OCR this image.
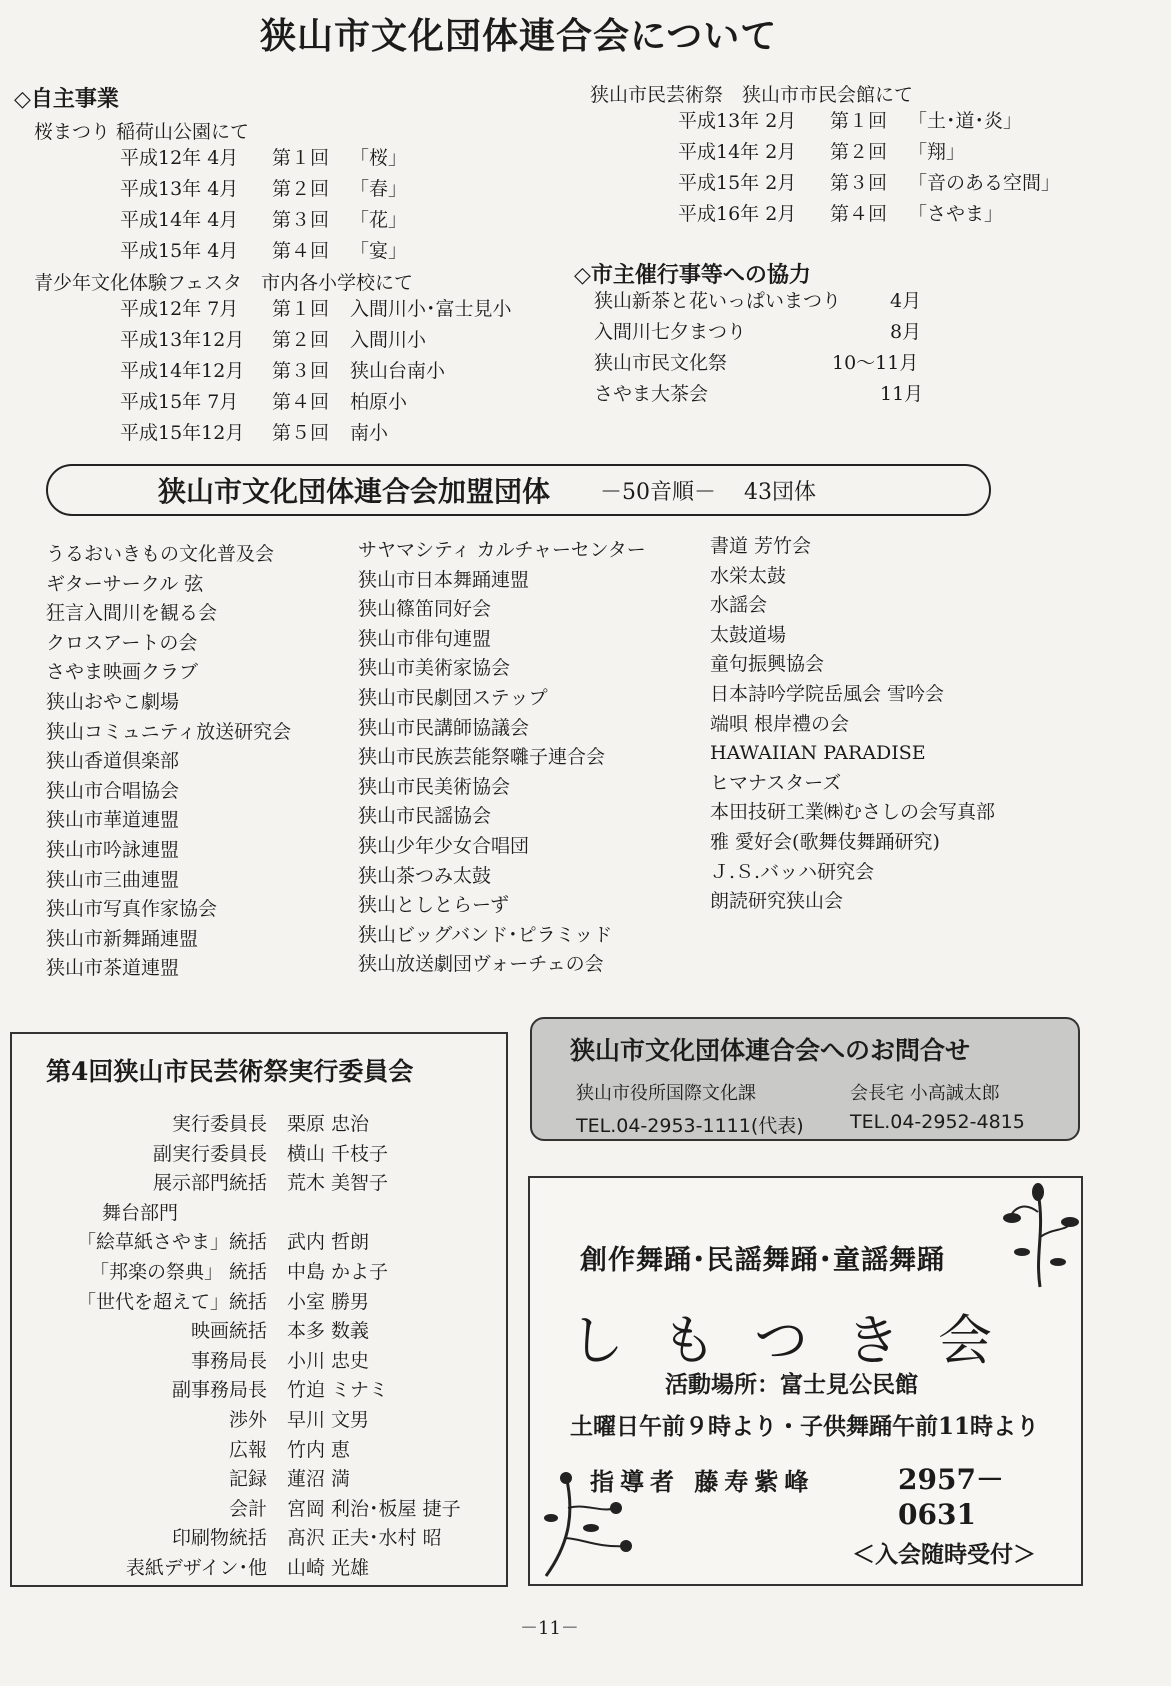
狭山市文化団体連合会について
◇自主事業
桜まつり 稲荷山公園にて
平成12年 4月	第１回	「桜」
平成13年 4月	第２回	「春」
平成14年 4月	第３回	「花」
平成15年 4月	第４回	「宴」
青少年文化体験フェスタ　市内各小学校にて
平成12年 7月	第１回	入間川小･富士見小
平成13年12月	第２回	入間川小
平成14年12月	第３回	狭山台南小
平成15年 7月	第４回	柏原小
平成15年12月	第５回	南小
狭山市民芸術祭　狭山市市民会館にて
平成13年 2月	第１回	「土･道･炎」
平成14年 2月	第２回	「翔」
平成15年 2月	第３回	「音のある空間」
平成16年 2月	第４回	「さやま」
◇市主催行事等への協力
狭山新茶と花いっぱいまつり	4月
入間川七夕まつり	8月
狭山市民文化祭	10～11月
さやま大茶会	11月
狭山市文化団体連合会加盟団体 －50音順－ 43団体
うるおいきもの文化普及会
ギターサークル 弦
狂言入間川を観る会
クロスアートの会
さやま映画クラブ
狭山おやこ劇場
狭山コミュニティ放送研究会
狭山香道倶楽部
狭山市合唱協会
狭山市華道連盟
狭山市吟詠連盟
狭山市三曲連盟
狭山市写真作家協会
狭山市新舞踊連盟
狭山市茶道連盟
サヤマシティ カルチャーセンター
狭山市日本舞踊連盟
狭山篠笛同好会
狭山市俳句連盟
狭山市美術家協会
狭山市民劇団ステップ
狭山市民講師協議会
狭山市民族芸能祭囃子連合会
狭山市民美術協会
狭山市民謡協会
狭山少年少女合唱団
狭山茶つみ太鼓
狭山としとらーず
狭山ビッグバンド･ピラミッド
狭山放送劇団ヴォーチェの会
書道 芳竹会
水栄太鼓
水謡会
太鼓道場
童句振興協会
日本詩吟学院岳風会 雪吟会
端唄 根岸禮の会
HAWAIIAN PARADISE
ヒマナスターズ
本田技研工業㈱むさしの会写真部
雅 愛好会(歌舞伎舞踊研究)
Ｊ.Ｓ.バッハ研究会
朗読研究狭山会
第4回狭山市民芸術祭実行委員会
実行委員長	栗原 忠治
副実行委員長	横山 千枝子
展示部門統括	荒木 美智子
舞台部門
「絵草紙さやま」統括	武内 哲朗
「邦楽の祭典」 統括	中島 かよ子
「世代を超えて」統括	小室 勝男
映画統括	本多 数義
事務局長	小川 忠史
副事務局長	竹迫 ミナミ
渉外	早川 文男
広報	竹内 恵
記録	蓮沼 満
会計	宮岡 利治･板屋 捷子
印刷物統括	髙沢 正夫･水村 昭
表紙デザイン･他	山崎 光雄
狭山市文化団体連合会へのお問合せ
狭山市役所国際文化課	会長宅 小高誠太郎
TEL.04-2953-1111(代表) TEL.04-2952-4815
創作舞踊･民謡舞踊･童謡舞踊
しもつき会
活動場所：富士見公民館
土曜日午前９時より・子供舞踊午前11時より
指導者 藤寿紫峰	2957－0631
＜入会随時受付＞
－11－
